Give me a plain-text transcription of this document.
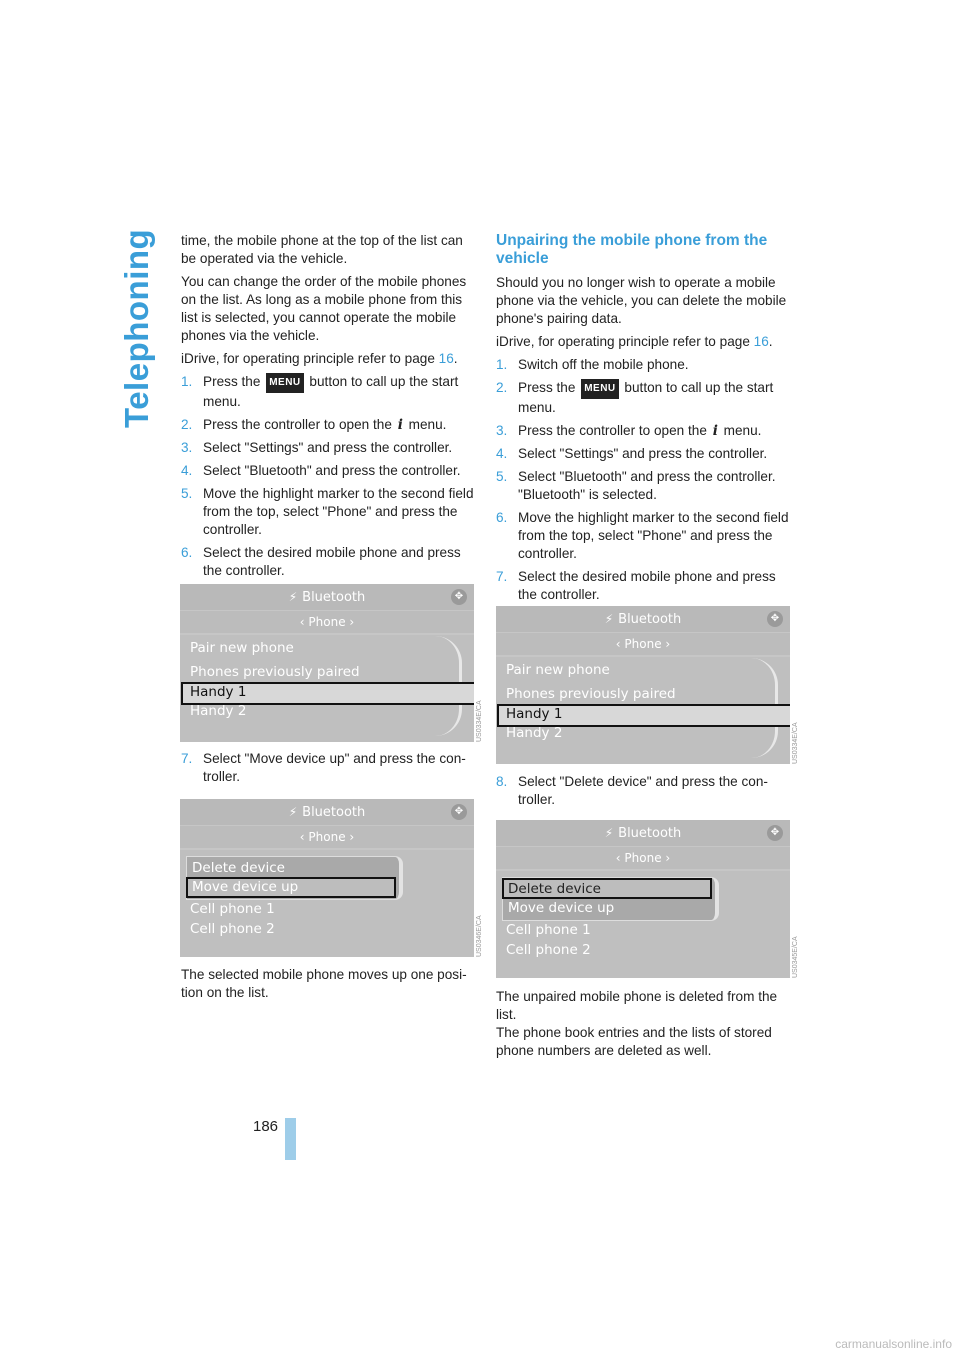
Telephoning time, the mobile phone at the top of the list can be operated via the vehicle.

You can change the order of the mobile phones on the list. As long as a mobile phone from this list is selected, you cannot operate the mobile phones via the vehicle.

iDrive, for operating principle refer to page 16.

1. Press the MENU button to call up the start menu.
2. Press the controller to open the i menu.
3. Select "Settings" and press the controller.
4. Select "Bluetooth" and press the controller.
5. Move the highlight marker to the second field from the top, select "Phone" and press the controller.
6. Select the desired mobile phone and press the controller.
7. Select "Move device up" and press the con-troller.

The selected mobile phone moves up one posi-tion on the list.

Unpairing the mobile phone from the vehicle

Should you no longer wish to operate a mobile phone via the vehicle, you can delete the mobile phone's pairing data.

iDrive, for operating principle refer to page 16.

1. Switch off the mobile phone.
2. Press the MENU button to call up the start menu.
3. Press the controller to open the i menu.
4. Select "Settings" and press the controller.
5. Select "Bluetooth" and press the controller. "Bluetooth" is selected.
6. Move the highlight marker to the second field from the top, select "Phone" and press the controller.
7. Select the desired mobile phone and press the controller.
8. Select "Delete device" and press the con-troller.

The unpaired mobile phone is deleted from the list.

The phone book entries and the lists of stored phone numbers are deleted as well.

⚡ Bluetooth	✥
‹ Phone ›
Pair new phone
Phones previously paired
Handy 1
Handy 2	US0334E/CA
⚡ Bluetooth	✥
‹ Phone ›
Delete device
Move device up
Cell phone 1
Cell phone 2	US0346E/CA
⚡ Bluetooth	✥
‹ Phone ›
Pair new phone
Phones previously paired
Handy 1
Handy 2	US0334E/CA
⚡ Bluetooth	✥
‹ Phone ›
Delete device
Move device up
Cell phone 1
Cell phone 2	US0345E/CA
186
carmanualsonline.info
